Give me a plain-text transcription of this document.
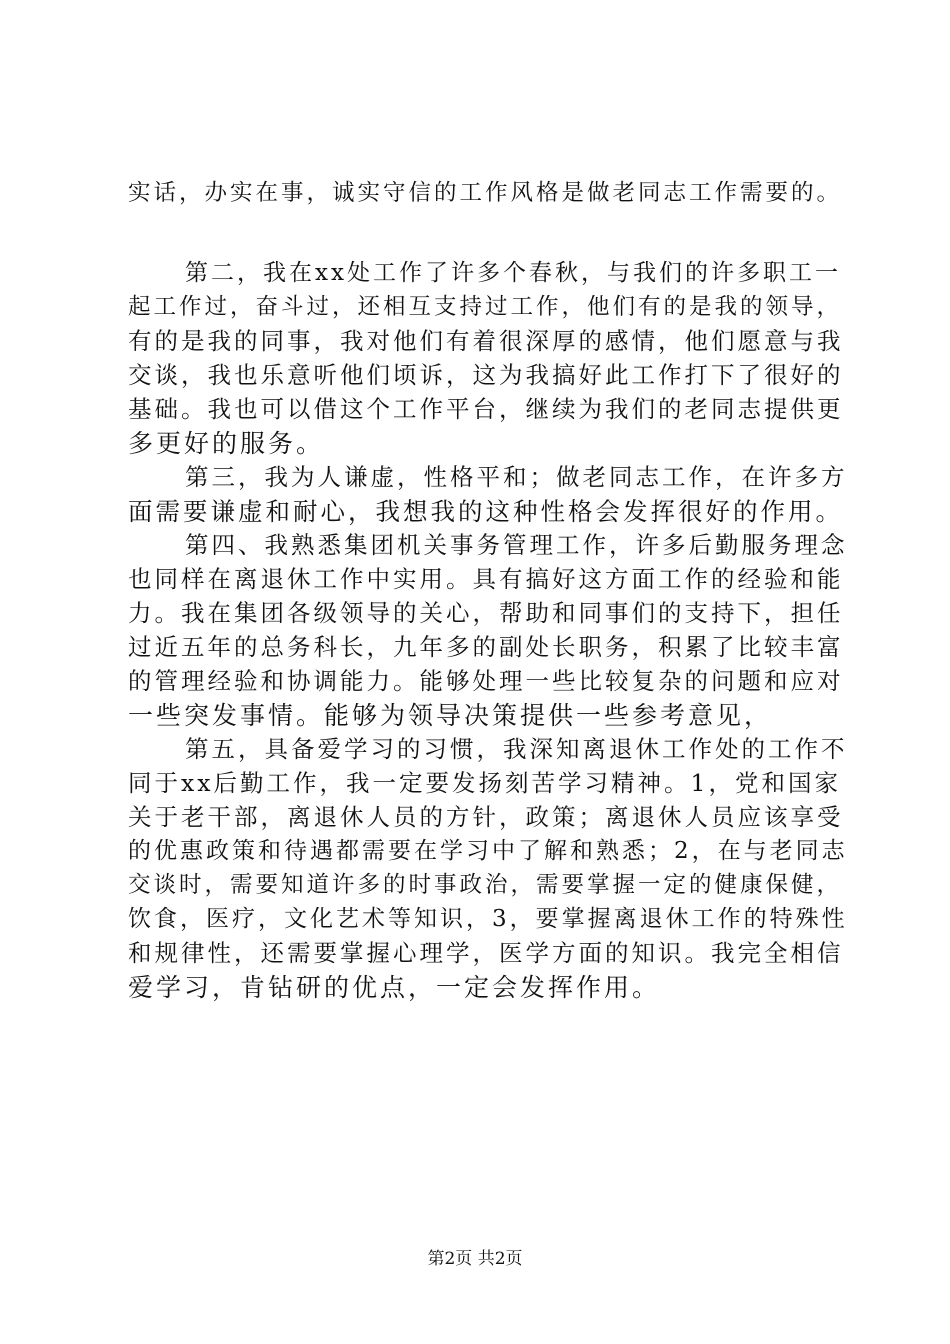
实话，办实在事，诚实守信的工作风格是做老同志工作需要的。
第二，我在xx处工作了许多个春秋，与我们的许多职工一
起工作过，奋斗过，还相互支持过工作，他们有的是我的领导，
有的是我的同事，我对他们有着很深厚的感情，他们愿意与我
交谈，我也乐意听他们顷诉，这为我搞好此工作打下了很好的
基础。我也可以借这个工作平台，继续为我们的老同志提供更
多更好的服务。
第三，我为人谦虚，性格平和；做老同志工作，在许多方
面需要谦虚和耐心，我想我的这种性格会发挥很好的作用。
第四、我熟悉集团机关事务管理工作，许多后勤服务理念
也同样在离退休工作中实用。具有搞好这方面工作的经验和能
力。我在集团各级领导的关心，帮助和同事们的支持下，担任
过近五年的总务科长，九年多的副处长职务，积累了比较丰富
的管理经验和协调能力。能够处理一些比较复杂的问题和应对
一些突发事情。能够为领导决策提供一些参考意见，
第五，具备爱学习的习惯，我深知离退休工作处的工作不
同于xx后勤工作，我一定要发扬刻苦学习精神。1，党和国家
关于老干部，离退休人员的方针，政策；离退休人员应该享受
的优惠政策和待遇都需要在学习中了解和熟悉；2，在与老同志
交谈时，需要知道许多的时事政治，需要掌握一定的健康保健，
饮食，医疗，文化艺术等知识，3，要掌握离退休工作的特殊性
和规律性，还需要掌握心理学，医学方面的知识。我完全相信
爱学习，肯钻研的优点，一定会发挥作用。
第2页 共2页
